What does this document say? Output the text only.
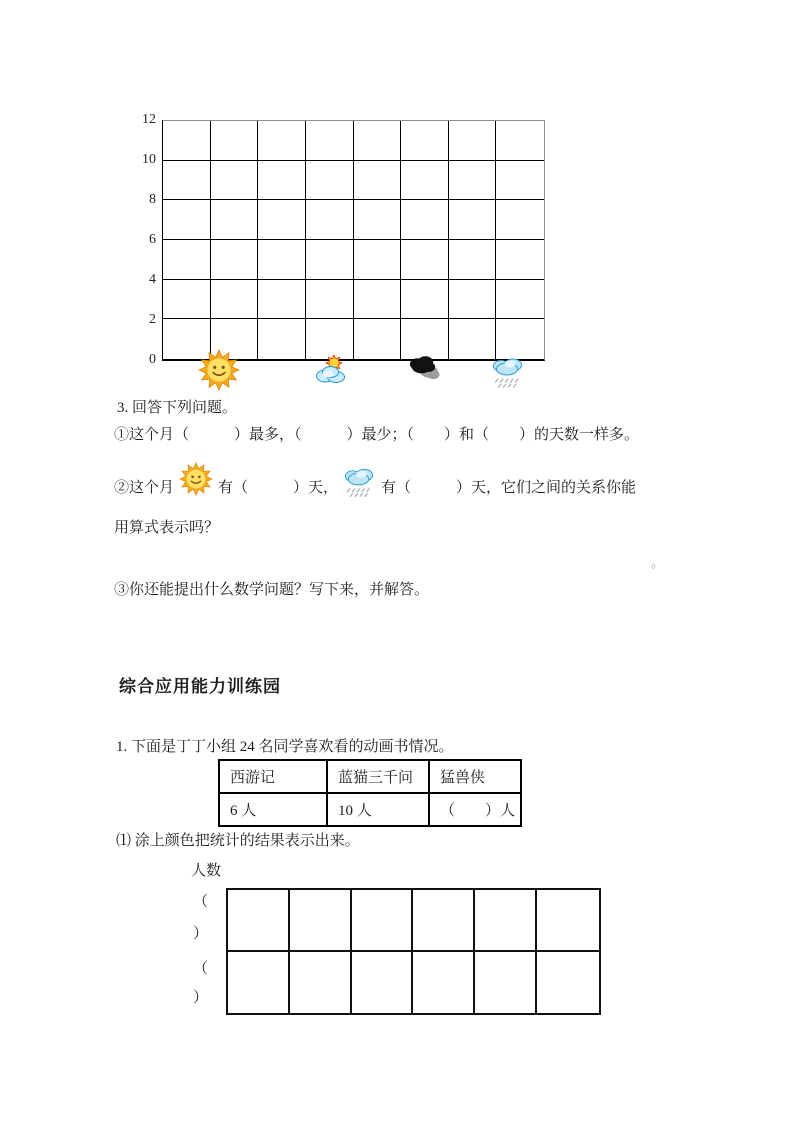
3. 回答下列问题。
①这个月（　　　）最多，（　　　）最少；（　　）和（　　）的天数一样多。
②这个月	有（　　　）天，	有（　　　）天，它们之间的关系你能
用算式表示吗？
。
③你还能提出什么数学问题？写下来，并解答。
综合应用能力训练园
1. 下面是丁丁小组 24 名同学喜欢看的动画书情况。
西游记	蓝猫三千问	猛兽侠
6 人	10 人	（　　）人
⑴ 涂上颜色把统计的结果表示出来。
人数
（
）
（
）
12
10
8
6
4
2
0
